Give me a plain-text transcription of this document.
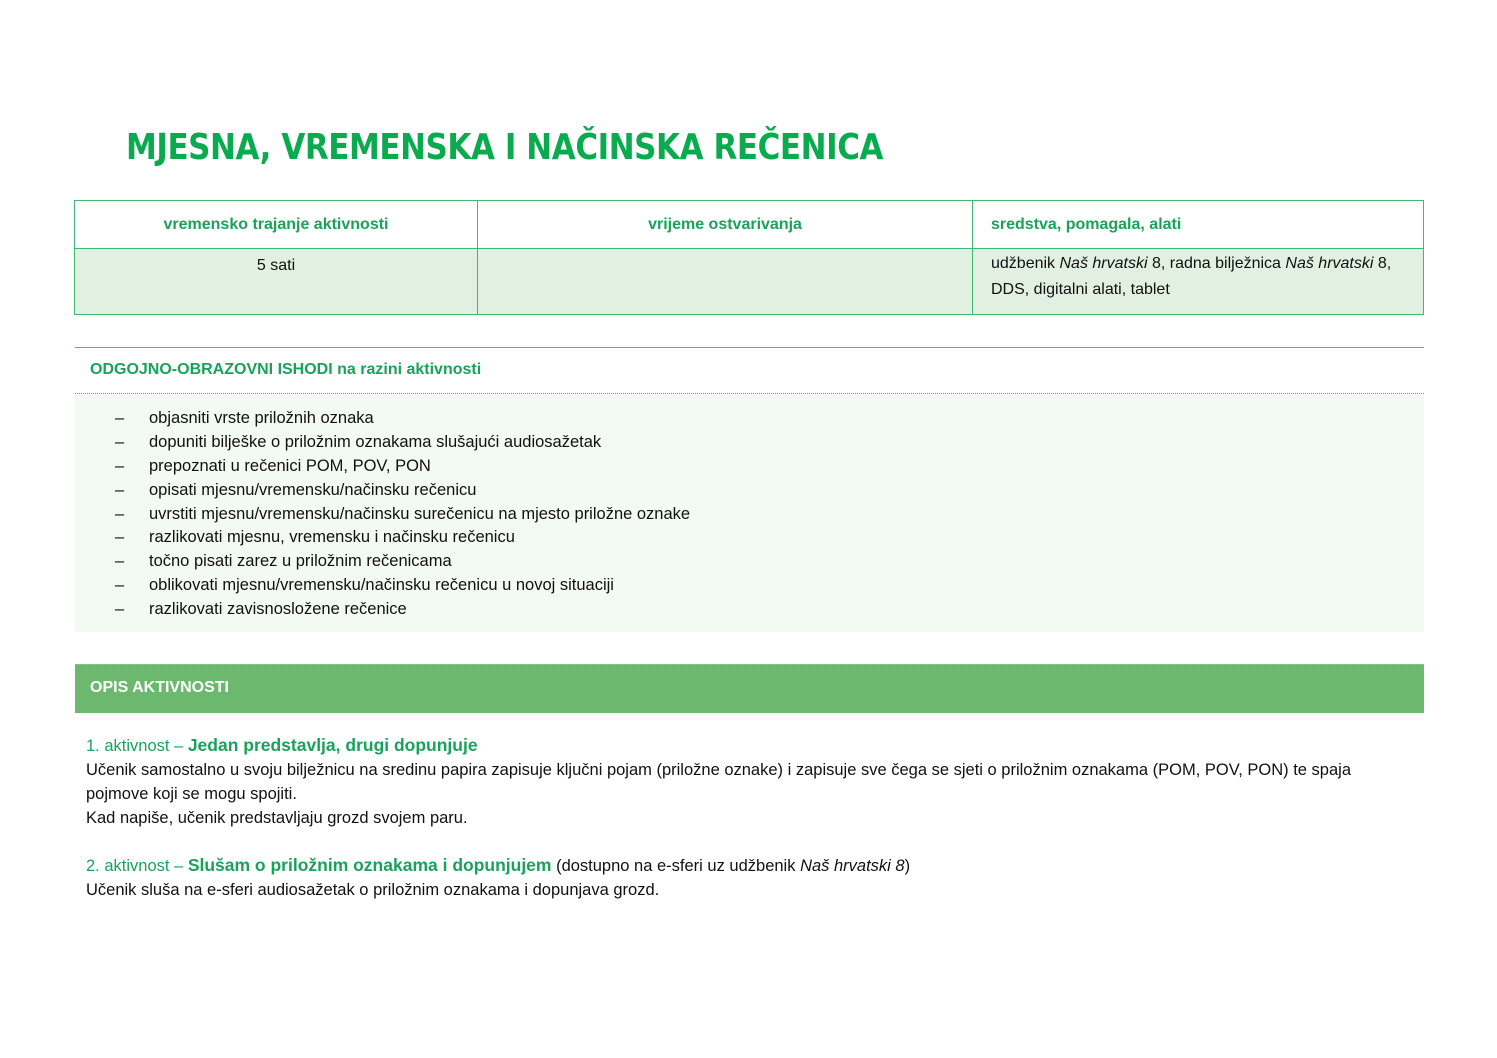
MJESNA, VREMENSKA I NAČINSKA REČENICA
vremensko trajanje aktivnosti	vrijeme ostvarivanja	sredstva, pomagala, alati
5 sati		udžbenik Naš hrvatski 8, radna bilježnica Naš hrvatski 8, DDS, digitalni alati, tablet
ODGOJNO-OBRAZOVNI ISHODI na razini aktivnosti
– objasniti vrste priložnih oznaka
– dopuniti bilješke o priložnim oznakama slušajući audiosažetak
– prepoznati u rečenici POM, POV, PON
– opisati mjesnu/vremensku/načinsku rečenicu
– uvrstiti mjesnu/vremensku/načinsku surečenicu na mjesto priložne oznake
– razlikovati mjesnu, vremensku i načinsku rečenicu
– točno pisati zarez u priložnim rečenicama
– oblikovati mjesnu/vremensku/načinsku rečenicu u novoj situaciji
– razlikovati zavisnosložene rečenice
OPIS AKTIVNOSTI
1. aktivnost – Jedan predstavlja, drugi dopunjuje

Učenik samostalno u svoju bilježnicu na sredinu papira zapisuje ključni pojam (priložne oznake) i zapisuje sve čega se sjeti o priložnim oznakama (POM, POV, PON) te spaja pojmove koji se mogu spojiti.

Kad napiše, učenik predstavljaju grozd svojem paru.

2. aktivnost – Slušam o priložnim oznakama i dopunjujem (dostupno na e-sferi uz udžbenik Naš hrvatski 8)

Učenik sluša na e-sferi audiosažetak o priložnim oznakama i dopunjava grozd.
